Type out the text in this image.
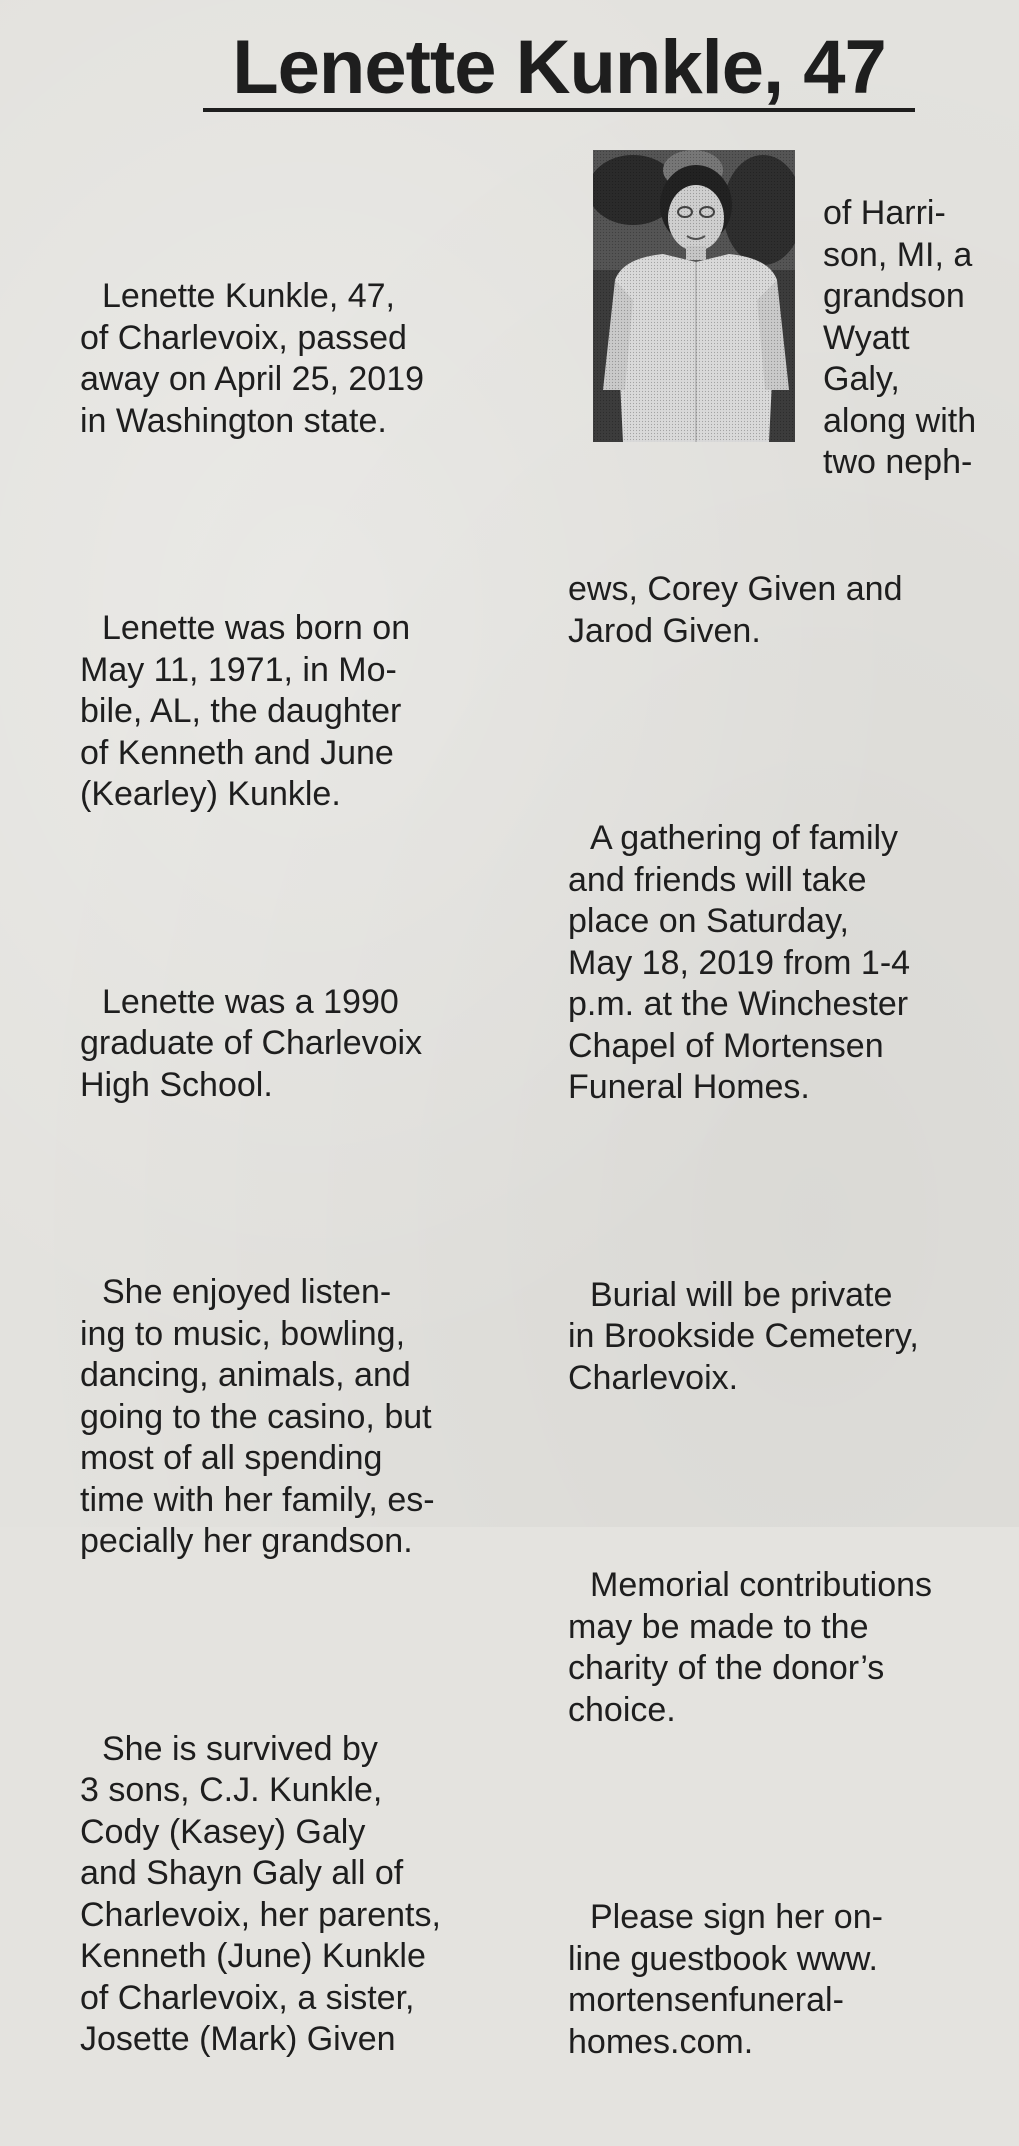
Lenette Kunkle, 47

Lenette Kunkle, 47,
of Charlevoix, passed
away on April 25, 2019
in Washington state.

Lenette was born on
May 11, 1971, in Mo-
bile, AL, the daughter
of Kenneth and June
(Kearley) Kunkle.

Lenette was a 1990
graduate of Charlevoix
High School.

She enjoyed listen-
ing to music, bowling,
dancing, animals, and
going to the casino, but
most of all spending
time with her family, es-
pecially her grandson.

She is survived by
3 sons, C.J. Kunkle,
Cody (Kasey) Galy
and Shayn Galy all of
Charlevoix, her parents,
Kenneth (June) Kunkle
of Charlevoix, a sister,
Josette (Mark) Given

of Harri-
son, MI, a
grandson
Wyatt
Galy,
along with
two neph-

ews, Corey Given and
Jarod Given.

A gathering of family
and friends will take
place on Saturday,
May 18, 2019 from 1-4
p.m. at the Winchester
Chapel of Mortensen
Funeral Homes.

Burial will be private
in Brookside Cemetery,
Charlevoix.

Memorial contributions
may be made to the
charity of the donor’s
choice.

Please sign her on-
line guestbook www.
mortensenfuneral-
homes.com.
